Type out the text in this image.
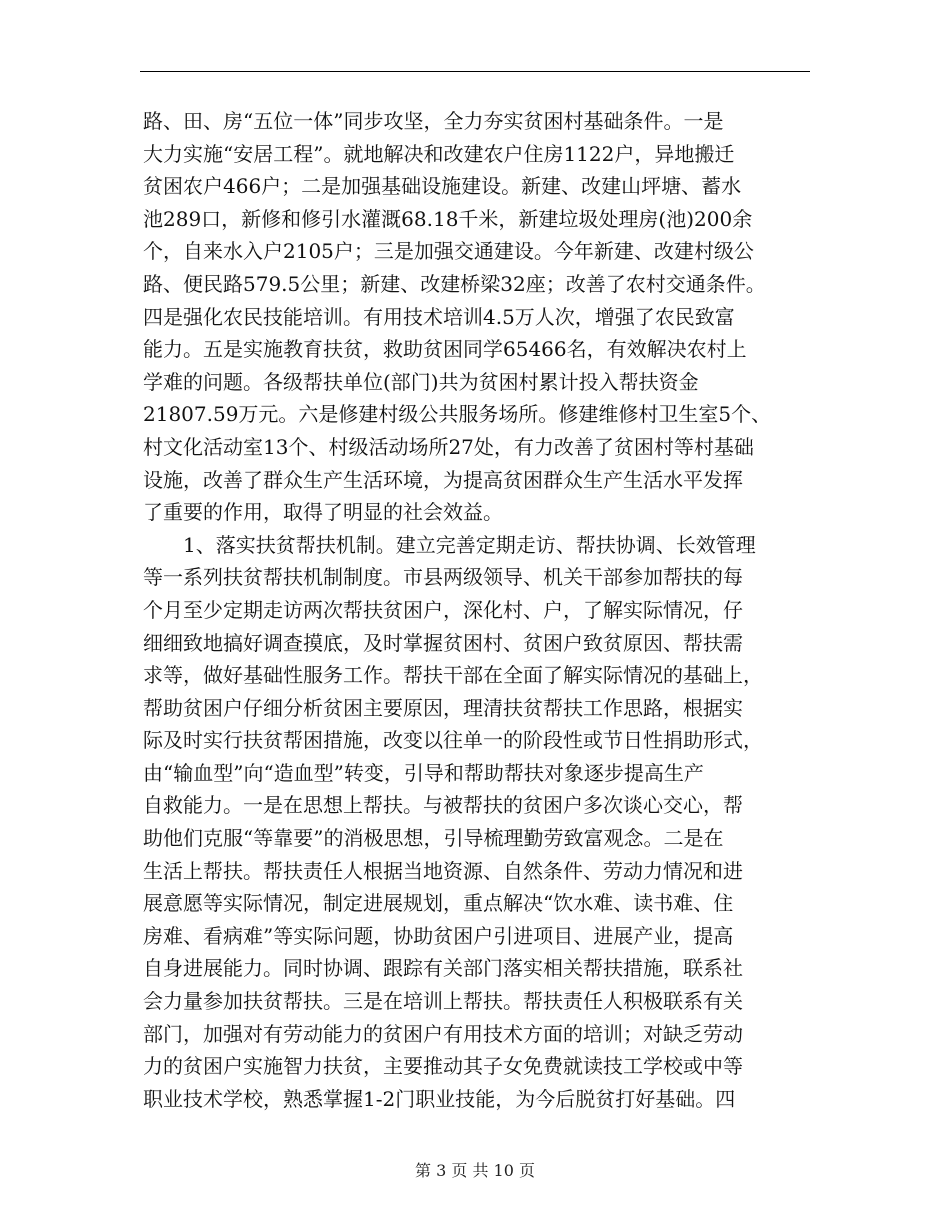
路、田、房“五位一体”同步攻坚，全力夯实贫困村基础条件。一是
大力实施“安居工程”。就地解决和改建农户住房1122户，异地搬迁
贫困农户466户；二是加强基础设施建设。新建、改建山坪塘、蓄水
池289口，新修和修引水灌溉68.18千米，新建垃圾处理房(池)200余
个，自来水入户2105户；三是加强交通建设。今年新建、改建村级公
路、便民路579.5公里；新建、改建桥梁32座；改善了农村交通条件。
四是强化农民技能培训。有用技术培训4.5万人次，增强了农民致富
能力。五是实施教育扶贫，救助贫困同学65466名，有效解决农村上
学难的问题。各级帮扶单位(部门)共为贫困村累计投入帮扶资金
21807.59万元。六是修建村级公共服务场所。修建维修村卫生室5个、
村文化活动室13个、村级活动场所27处，有力改善了贫困村等村基础
设施，改善了群众生产生活环境，为提高贫困群众生产生活水平发挥
了重要的作用，取得了明显的社会效益。
1、落实扶贫帮扶机制。建立完善定期走访、帮扶协调、长效管理
等一系列扶贫帮扶机制制度。市县两级领导、机关干部参加帮扶的每
个月至少定期走访两次帮扶贫困户，深化村、户，了解实际情况，仔
细细致地搞好调查摸底，及时掌握贫困村、贫困户致贫原因、帮扶需
求等，做好基础性服务工作。帮扶干部在全面了解实际情况的基础上，
帮助贫困户仔细分析贫困主要原因，理清扶贫帮扶工作思路，根据实
际及时实行扶贫帮困措施，改变以往单一的阶段性或节日性捐助形式，
由“输血型”向“造血型”转变，引导和帮助帮扶对象逐步提高生产
自救能力。一是在思想上帮扶。与被帮扶的贫困户多次谈心交心，帮
助他们克服“等靠要”的消极思想，引导梳理勤劳致富观念。二是在
生活上帮扶。帮扶责任人根据当地资源、自然条件、劳动力情况和进
展意愿等实际情况，制定进展规划，重点解决“饮水难、读书难、住
房难、看病难”等实际问题，协助贫困户引进项目、进展产业，提高
自身进展能力。同时协调、跟踪有关部门落实相关帮扶措施，联系社
会力量参加扶贫帮扶。三是在培训上帮扶。帮扶责任人积极联系有关
部门，加强对有劳动能力的贫困户有用技术方面的培训；对缺乏劳动
力的贫困户实施智力扶贫，主要推动其子女免费就读技工学校或中等
职业技术学校，熟悉掌握1-2门职业技能，为今后脱贫打好基础。四
第 3 页 共 10 页
